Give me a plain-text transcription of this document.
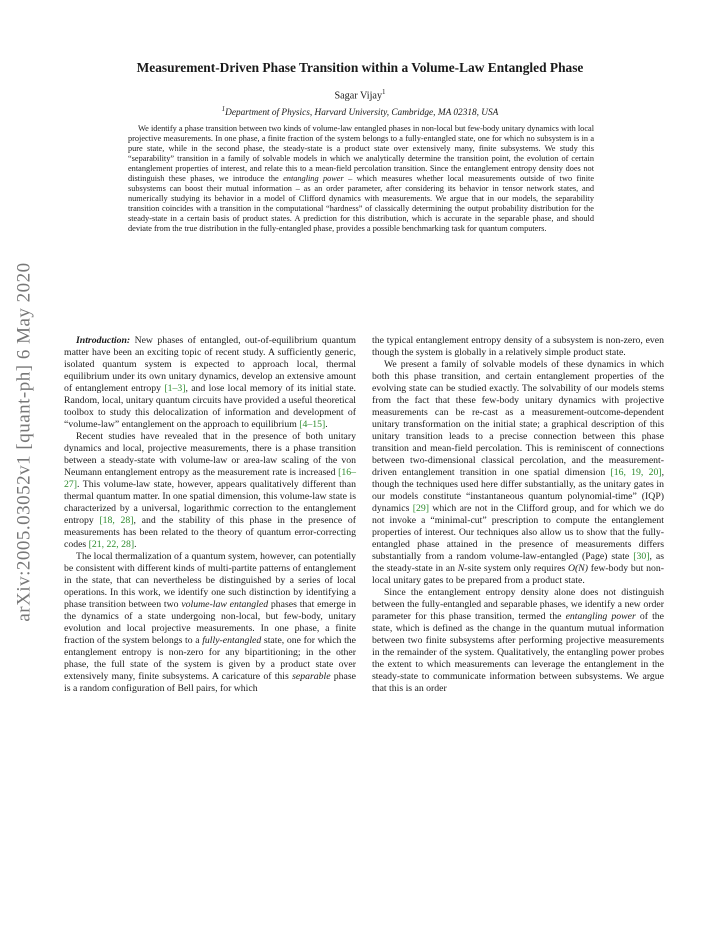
arXiv:2005.03052v1 [quant-ph] 6 May 2020
Measurement-Driven Phase Transition within a Volume-Law Entangled Phase
Sagar Vijay$^1$
$^1$Department of Physics, Harvard University, Cambridge, MA 02318, USA

We identify a phase transition between two kinds of volume-law entangled phases in non-local but few-body unitary dynamics with local projective measurements. In one phase, a finite fraction of the system belongs to a fully-entangled state, one for which no subsystem is in a pure state, while in the second phase, the steady-state is a product state over extensively many, finite subsystems. We study this “separability” transition in a family of solvable models in which we analytically determine the transition point, the evolution of certain entanglement properties of interest, and relate this to a mean-field percolation transition. Since the entanglement entropy density does not distinguish these phases, we introduce the entangling power – which measures whether local measurements outside of two finite subsystems can boost their mutual information – as an order parameter, after considering its behavior in tensor network states, and numerically studying its behavior in a model of Clifford dynamics with measurements. We argue that in our models, the separability transition coincides with a transition in the computational “hardness” of classically determining the output probability distribution for the steady-state in a certain basis of product states. A prediction for this distribution, which is accurate in the separable phase, and should deviate from the true distribution in the fully-entangled phase, provides a possible benchmarking task for quantum computers.

Introduction: New phases of entangled, out-of-equilibrium quantum matter have been an exciting topic of recent study. A sufficiently generic, isolated quantum system is expected to approach local, thermal equilibrium under its own unitary dynamics, develop an extensive amount of entanglement entropy [1–3], and lose local memory of its initial state. Random, local, unitary quantum circuits have provided a useful theoretical toolbox to study this delocalization of information and development of “volume-law” entanglement on the approach to equilibrium [4–15].

Recent studies have revealed that in the presence of both unitary dynamics and local, projective measurements, there is a phase transition between a steady-state with volume-law or area-law scaling of the von Neumann entanglement entropy as the measurement rate is increased [16–27]. This volume-law state, however, appears qualitatively different than thermal quantum matter. In one spatial dimension, this volume-law state is characterized by a universal, logarithmic correction to the entanglement entropy [18, 28], and the stability of this phase in the presence of measurements has been related to the theory of quantum error-correcting codes [21, 22, 28].

The local thermalization of a quantum system, however, can potentially be consistent with different kinds of multi-partite patterns of entanglement in the state, that can nevertheless be distinguished by a series of local operations. In this work, we identify one such distinction by identifying a phase transition between two volume-law entangled phases that emerge in the dynamics of a state undergoing non-local, but few-body, unitary evolution and local projective measurements. In one phase, a finite fraction of the system belongs to a fully-entangled state, one for which the entanglement entropy is non-zero for any bipartitioning; in the other phase, the full state of the system is given by a product state over extensively many, finite subsystems. A caricature of this separable phase is a random configuration of Bell pairs, for which

the typical entanglement entropy density of a subsystem is non-zero, even though the system is globally in a relatively simple product state.

We present a family of solvable models of these dynamics in which both this phase transition, and certain entanglement properties of the evolving state can be studied exactly. The solvability of our models stems from the fact that these few-body unitary dynamics with projective measurements can be re-cast as a measurement-outcome-dependent unitary transformation on the initial state; a graphical description of this unitary transition leads to a precise connection between this phase transition and mean-field percolation. This is reminiscent of connections between two-dimensional classical percolation, and the measurement-driven entanglement transition in one spatial dimension [16, 19, 20], though the techniques used here differ substantially, as the unitary gates in our models constitute “instantaneous quantum polynomial-time” (IQP) dynamics [29] which are not in the Clifford group, and for which we do not invoke a “minimal-cut” prescription to compute the entanglement properties of interest. Our techniques also allow us to show that the fully-entangled phase attained in the presence of measurements differs substantially from a random volume-law-entangled (Page) state [30], as the steady-state in an N-site system only requires O(N) few-body but non-local unitary gates to be prepared from a product state.

Since the entanglement entropy density alone does not distinguish between the fully-entangled and separable phases, we identify a new order parameter for this phase transition, termed the entangling power of the state, which is defined as the change in the quantum mutual information between two finite subsystems after performing projective measurements in the remainder of the system. Qualitatively, the entangling power probes the extent to which measurements can leverage the entanglement in the steady-state to communicate information between subsystems. We argue that this is an order
